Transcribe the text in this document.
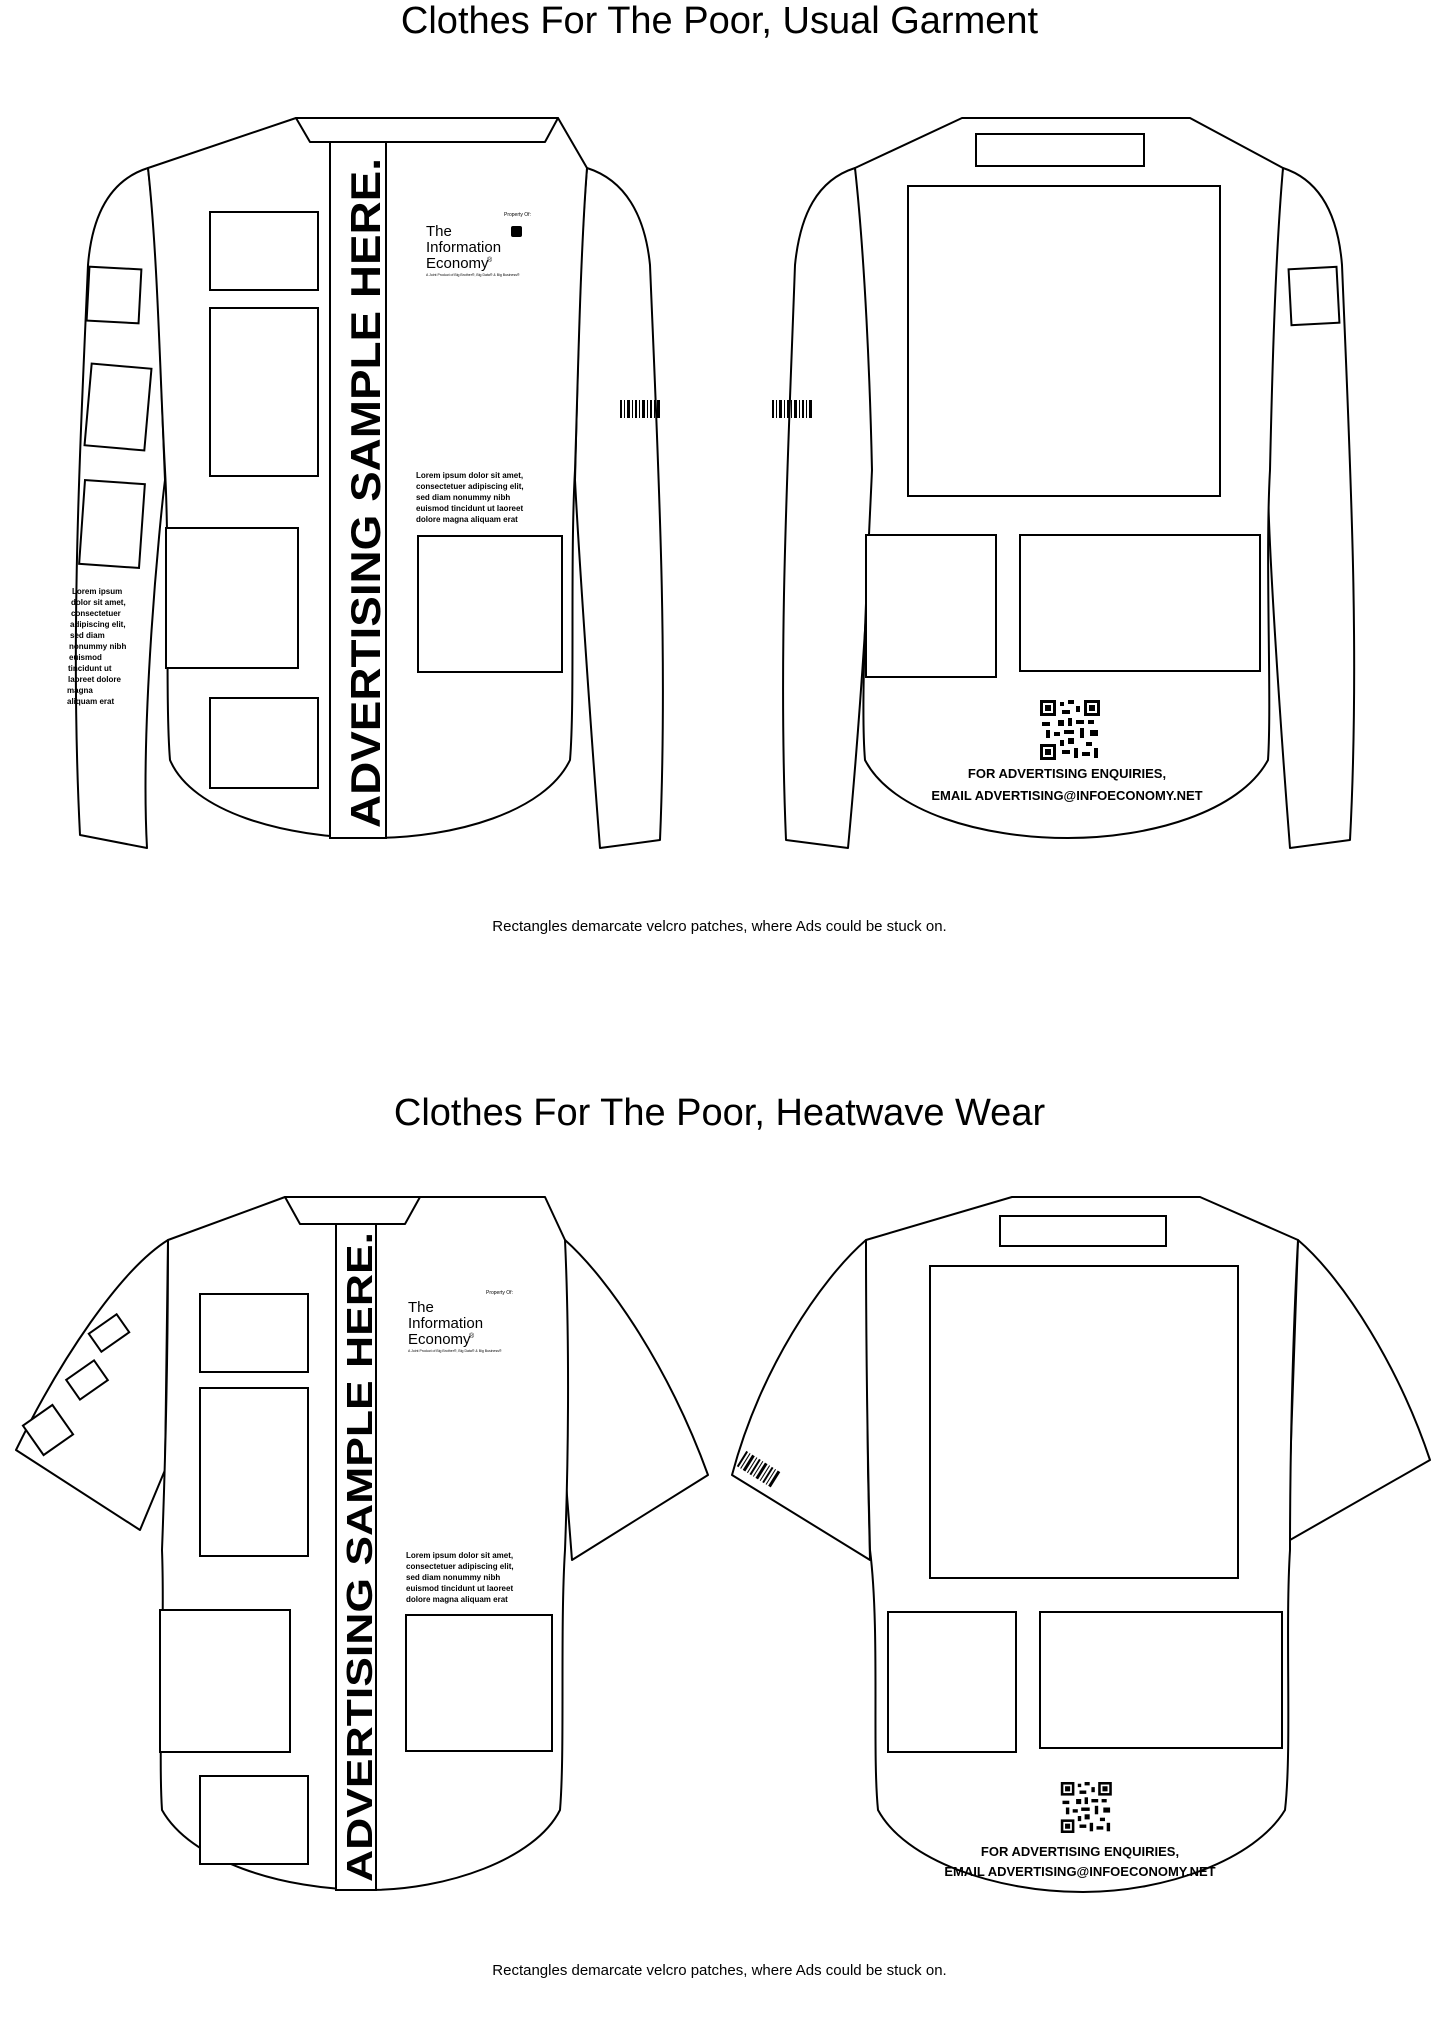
Clothes For The Poor, Usual Garment
ADVERTISING SAMPLE HERE.	Property Of:
The
Information
Economy
®
A Joint Product of Big Brother®, Big Data® & Big Business®
Lorem ipsum dolor sit amet,
consectetuer adipiscing elit,
sed diam nonummy nibh
euismod tincidunt ut laoreet
dolore magna aliquam erat
Lorem ipsum
dolor sit amet,
consectetuer
adipiscing elit,
sed diam
nonummy nibh
euismod
tincidunt ut
laoreet dolore
magna
aliquam erat
FOR ADVERTISING ENQUIRIES,
EMAIL ADVERTISING@INFOECONOMY.NET
Rectangles demarcate velcro patches, where Ads could be stuck on.
Clothes For The Poor, Heatwave Wear
ADVERTISING SAMPLE HERE.
Property Of:
The
Information
Economy
®
A Joint Product of Big Brother®, Big Data® & Big Business®
Lorem ipsum dolor sit amet,
consectetuer adipiscing elit,
sed diam nonummy nibh
euismod tincidunt ut laoreet
dolore magna aliquam erat
FOR ADVERTISING ENQUIRIES,
EMAIL ADVERTISING@INFOECONOMY.NET
Rectangles demarcate velcro patches, where Ads could be stuck on.
